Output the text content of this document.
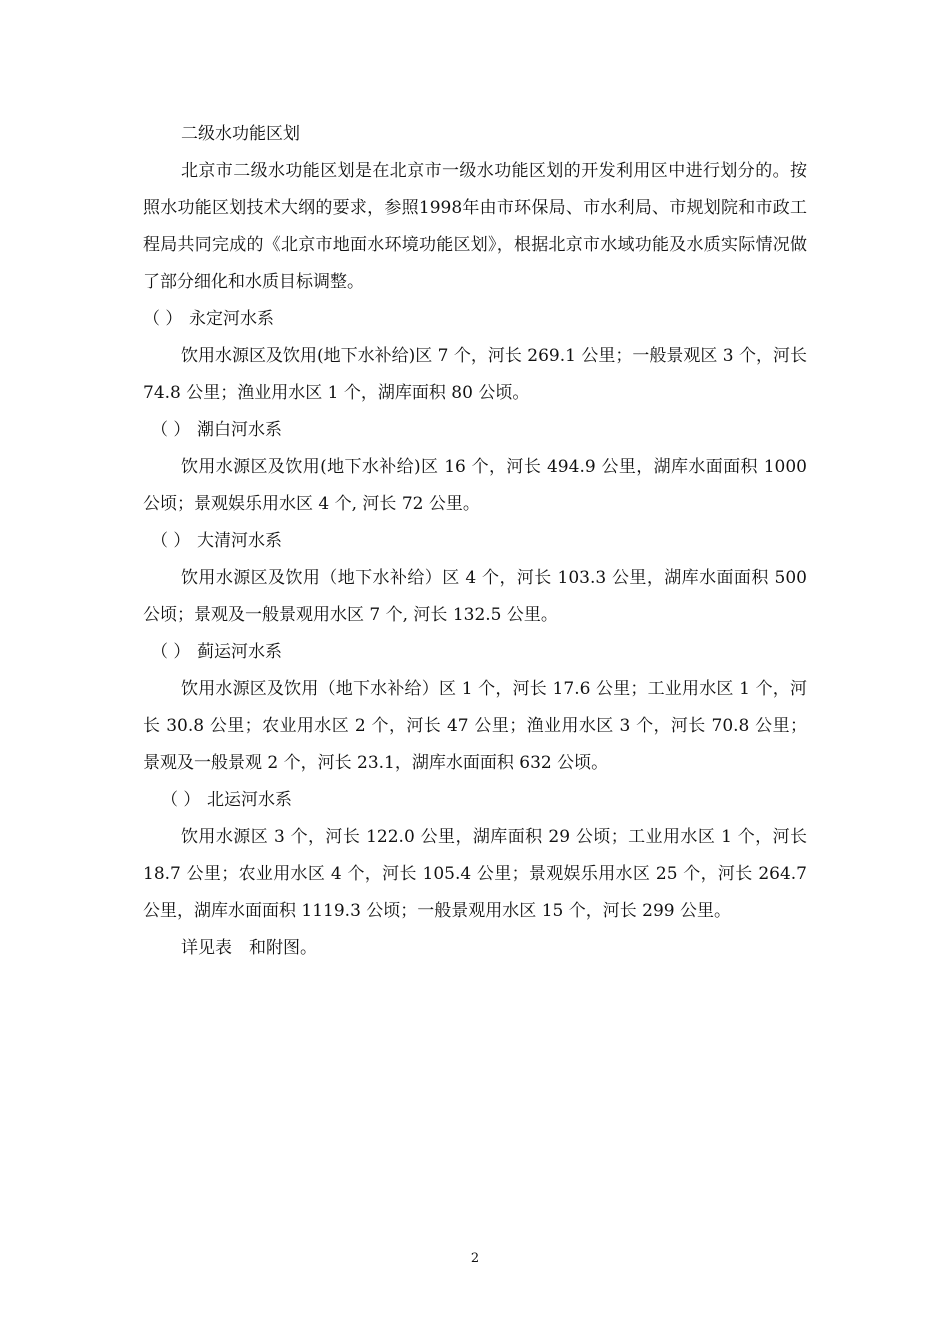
二级水功能区划

北京市二级水功能区划是在北京市一级水功能区划的开发利用区中进行划分的。按照水功能区划技术大纲的要求，参照1998年由市环保局、市水利局、市规划院和市政工程局共同完成的《北京市地面水环境功能区划》，根据北京市水域功能及水质实际情况做了部分细化和水质目标调整。

（ ） 永定河水系

饮用水源区及饮用(地下水补给)区 7 个，河长 269.1 公里；一般景观区 3 个，河长 74.8 公里；渔业用水区 1 个，湖库面积 80 公顷。

（ ） 潮白河水系

饮用水源区及饮用(地下水补给)区 16 个，河长 494.9 公里，湖库水面面积 1000 公顷；景观娱乐用水区 4 个, 河长 72 公里。

（ ） 大清河水系

饮用水源区及饮用（地下水补给）区 4 个，河长 103.3 公里，湖库水面面积 500 公顷；景观及一般景观用水区 7 个, 河长 132.5 公里。

（ ） 蓟运河水系

饮用水源区及饮用（地下水补给）区 1 个，河长 17.6 公里；工业用水区 1 个，河长 30.8 公里；农业用水区 2 个，河长 47 公里；渔业用水区 3 个，河长 70.8 公里；景观及一般景观 2 个，河长 23.1，湖库水面面积 632 公顷。

（ ） 北运河水系

饮用水源区 3 个，河长 122.0 公里，湖库面积 29 公顷；工业用水区 1 个，河长 18.7 公里；农业用水区 4 个，河长 105.4 公里；景观娱乐用水区 25 个，河长 264.7 公里，湖库水面面积 1119.3 公顷；一般景观用水区 15 个，河长 299 公里。

详见表　和附图。

2
